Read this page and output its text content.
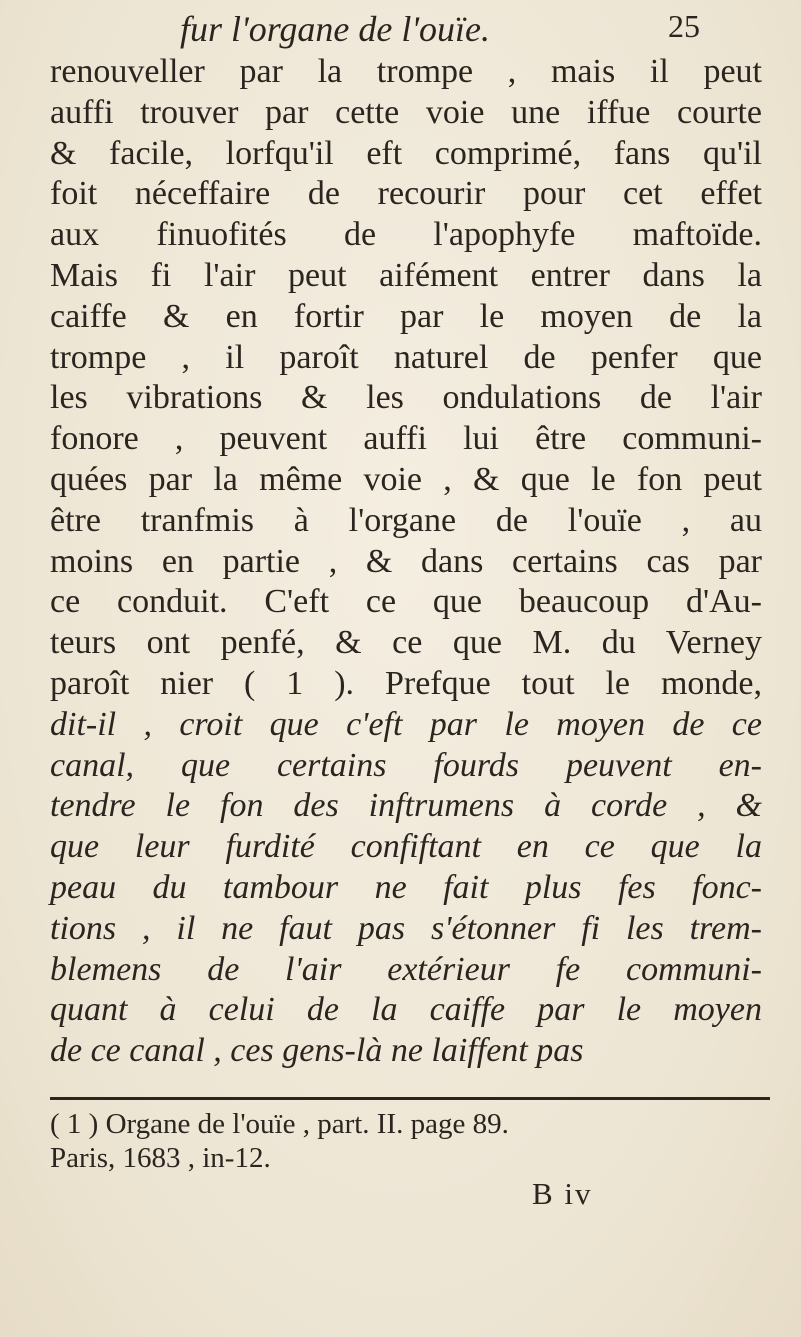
fur l'organe de l'ouïe.	25
renouveller par la trompe , mais il peut
auffi trouver par cette voie une iffue courte
& facile, lorfqu'il eft comprimé, fans qu'il
foit néceffaire de recourir pour cet effet
aux finuofités de l'apophyfe maftoïde.
Mais fi l'air peut aifément entrer dans la
caiffe & en fortir par le moyen de la
trompe , il paroît naturel de penfer que
les vibrations & les ondulations de l'air
fonore , peuvent auffi lui être communi-
quées par la même voie , & que le fon peut
être tranfmis à l'organe de l'ouïe , au
moins en partie , & dans certains cas par
ce conduit. C'eft ce que beaucoup d'Au-
teurs ont penfé, & ce que M. du Verney
paroît nier ( 1 ). Prefque tout le monde,
dit-il , croit que c'eft par le moyen de ce
canal, que certains fourds peuvent en-
tendre le fon des inftrumens à corde , &
que leur furdité confiftant en ce que la
peau du tambour ne fait plus fes fonc-
tions , il ne faut pas s'étonner fi les trem-
blemens de l'air extérieur fe communi-
quant à celui de la caiffe par le moyen
de ce canal , ces gens-là ne laiffent pas
( 1 ) Organe de l'ouïe , part. II. page 89.
Paris, 1683 , in-12.
B iv
